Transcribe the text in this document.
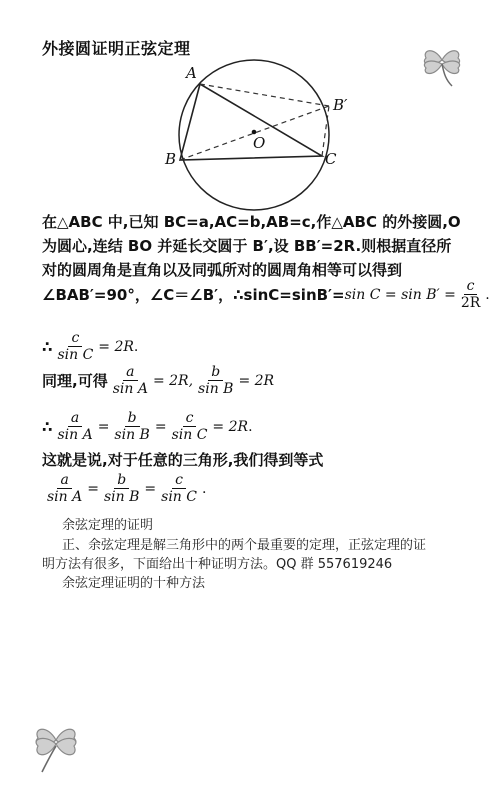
外接圆证明正弦定理
A
B	C
B′
O
在△ABC 中,已知 BC=a,AC=b,AB=c,作△ABC 的外接圆,O
为圆心,连结 BO 并延长交圆于 B′,设 BB′=2R.则根据直径所
对的圆周角是直角以及同弧所对的圆周角相等可以得到
∠BAB′=90°，∠C＝∠B′，∴sinC=sinB′= $\sin C = \sin B' = \frac{c}{2R}$ .
∴ $\frac{c}{\text{sin C}} = 2R$ .
同理,可得 $\frac{a}{\text{sin A}} = 2R$, $\frac{b}{\text{sin B}} = 2R$
∴ $\frac{a}{\text{sin A}} = \frac{b}{\text{sin B}} = \frac{c}{\text{sin C}} = 2R$ .
这就是说,对于任意的三角形,我们得到等式
$\frac{a}{\text{sin A}} = \frac{b}{\text{sin B}} = \frac{c}{\text{sin C}}$ .
余弦定理的证明
正、余弦定理是解三角形中的两个最重要的定理，正弦定理的证
明方法有很多，下面给出十种证明方法。QQ 群 557619246
余弦定理证明的十种方法
